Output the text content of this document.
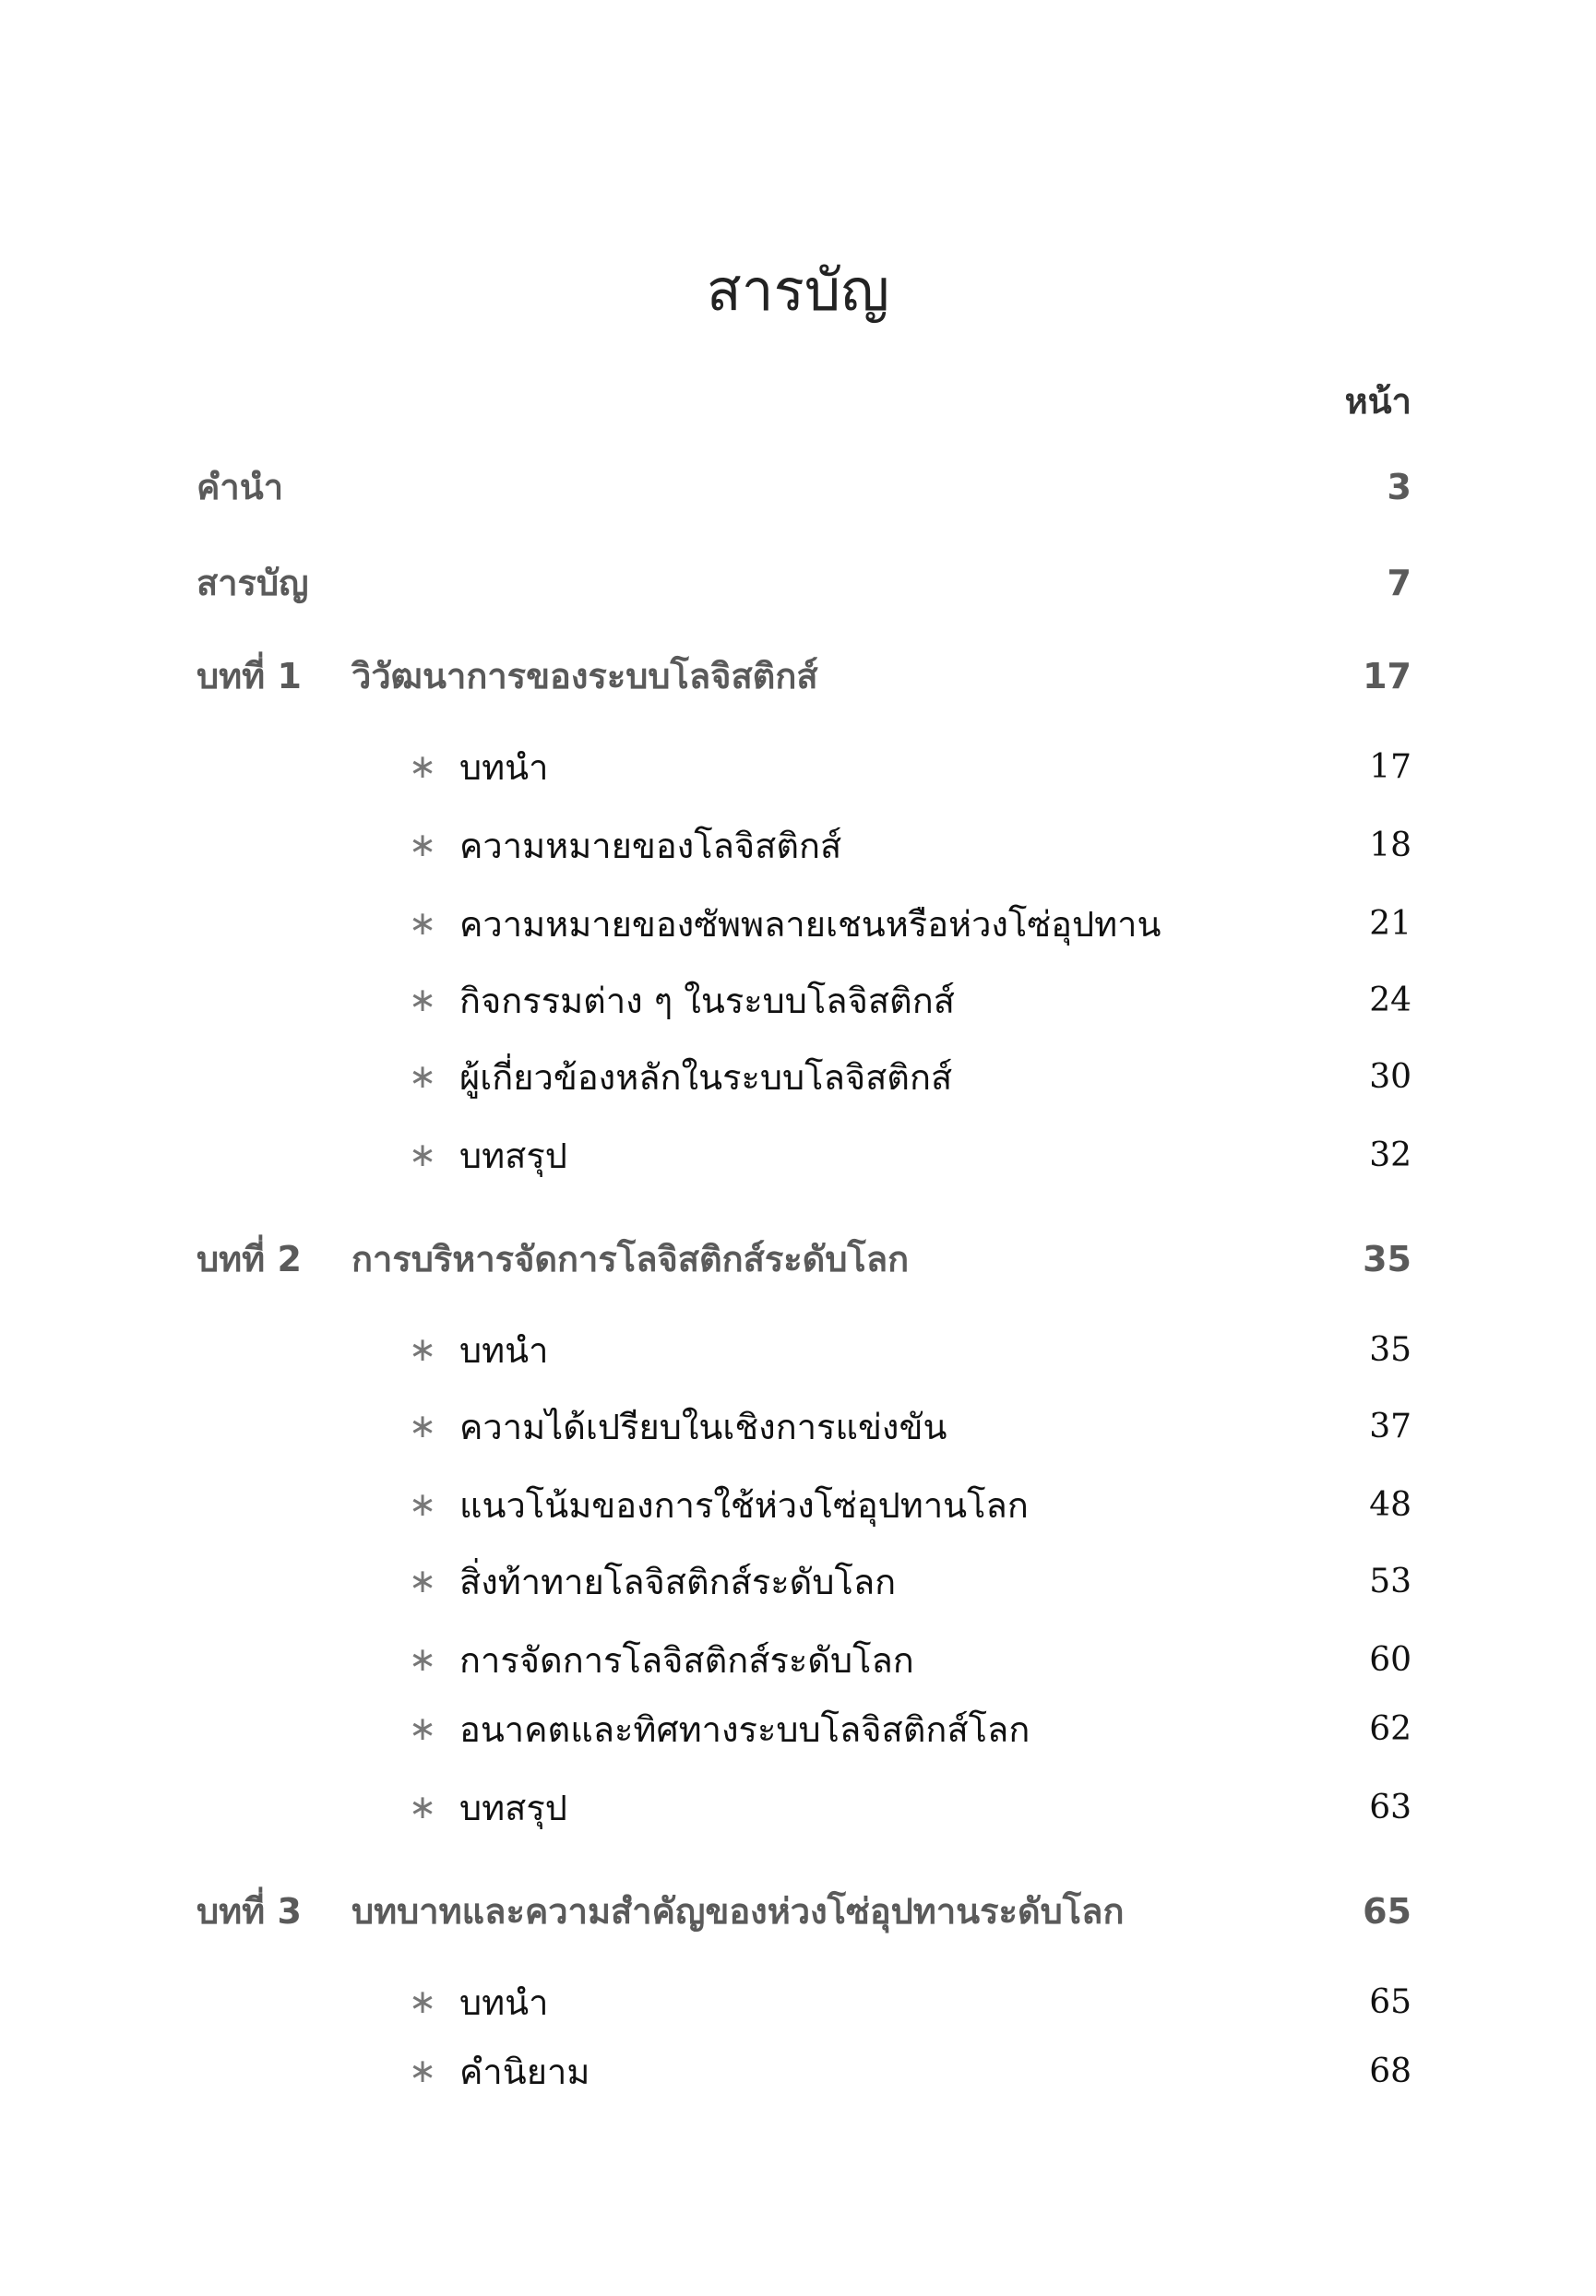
สารบัญ
หน้า
คำนำ	3
สารบัญ	7
บทที่ 1 วิวัฒนาการของระบบโลจิสติกส์	17
∗ บทนำ	17
∗ ความหมายของโลจิสติกส์	18
∗ ความหมายของซัพพลายเชนหรือห่วงโซ่อุปทาน	21
∗ กิจกรรมต่าง ๆ ในระบบโลจิสติกส์	24
∗ ผู้เกี่ยวข้องหลักในระบบโลจิสติกส์	30
∗ บทสรุป	32
บทที่ 2 การบริหารจัดการโลจิสติกส์ระดับโลก	35
∗ บทนำ	35
∗ ความได้เปรียบในเชิงการแข่งขัน	37
∗ แนวโน้มของการใช้ห่วงโซ่อุปทานโลก	48
∗ สิ่งท้าทายโลจิสติกส์ระดับโลก	53
∗ การจัดการโลจิสติกส์ระดับโลก	60
∗ อนาคตและทิศทางระบบโลจิสติกส์โลก	62
∗ บทสรุป	63
บทที่ 3 บทบาทและความสำคัญของห่วงโซ่อุปทานระดับโลก	65
∗ บทนำ	65
∗ คำนิยาม	68
